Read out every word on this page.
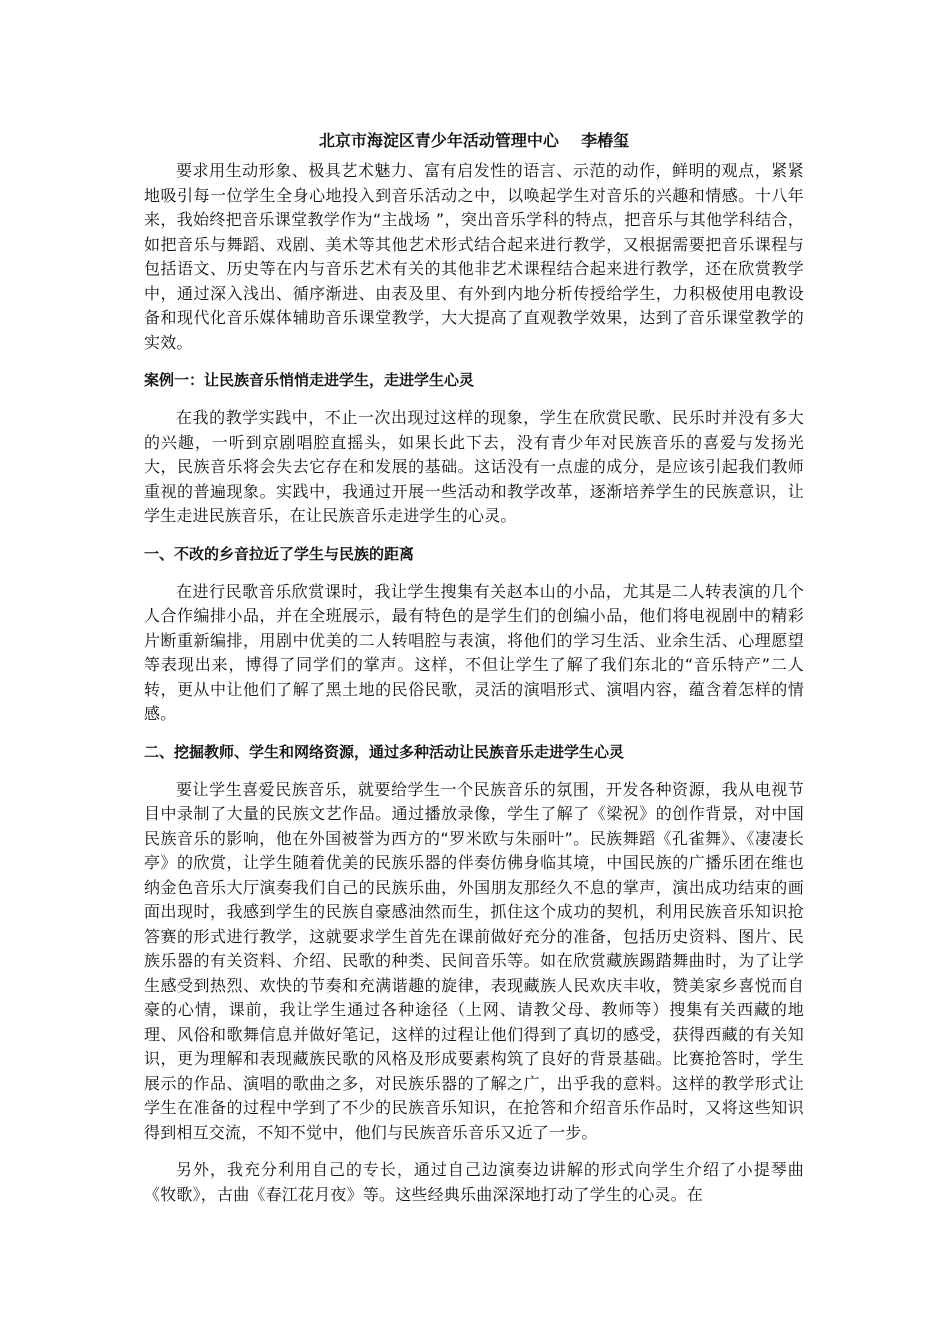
北京市海淀区青少年活动管理中心    李椿玺
要求用生动形象、极具艺术魅力、富有启发性的语言、示范的动作，鲜明的观点，紧紧地吸引每一位学生全身心地投入到音乐活动之中，以唤起学生对音乐的兴趣和情感。十八年来，我始终把音乐课堂教学作为“主战场 ”，突出音乐学科的特点，把音乐与其他学科结合，如把音乐与舞蹈、戏剧、美术等其他艺术形式结合起来进行教学，又根据需要把音乐课程与包括语文、历史等在内与音乐艺术有关的其他非艺术课程结合起来进行教学，还在欣赏教学中，通过深入浅出、循序渐进、由表及里、有外到内地分析传授给学生，力积极使用电教设备和现代化音乐媒体辅助音乐课堂教学，大大提高了直观教学效果，达到了音乐课堂教学的实效。
案例一：让民族音乐悄悄走进学生，走进学生心灵
在我的教学实践中，不止一次出现过这样的现象，学生在欣赏民歌、民乐时并没有多大的兴趣，一听到京剧唱腔直摇头，如果长此下去，没有青少年对民族音乐的喜爱与发扬光大，民族音乐将会失去它存在和发展的基础。这话没有一点虚的成分，是应该引起我们教师重视的普遍现象。实践中，我通过开展一些活动和教学改革，逐渐培养学生的民族意识，让学生走进民族音乐，在让民族音乐走进学生的心灵。
一、不改的乡音拉近了学生与民族的距离
在进行民歌音乐欣赏课时，我让学生搜集有关赵本山的小品，尤其是二人转表演的几个人合作编排小品，并在全班展示，最有特色的是学生们的创编小品，他们将电视剧中的精彩片断重新编排，用剧中优美的二人转唱腔与表演，将他们的学习生活、业余生活、心理愿望等表现出来，博得了同学们的掌声。这样，不但让学生了解了我们东北的“音乐特产”二人转，更从中让他们了解了黑土地的民俗民歌，灵活的演唱形式、演唱内容，蕴含着怎样的情感。
二、挖掘教师、学生和网络资源，通过多种活动让民族音乐走进学生心灵
要让学生喜爱民族音乐，就要给学生一个民族音乐的氛围，开发各种资源，我从电视节目中录制了大量的民族文艺作品。通过播放录像，学生了解了《梁祝》的创作背景，对中国民族音乐的影响，他在外国被誉为西方的“罗米欧与朱丽叶”。民族舞蹈《孔雀舞》、《凄凄长亭》的欣赏，让学生随着优美的民族乐器的伴奏仿佛身临其境，中国民族的广播乐团在维也纳金色音乐大厅演奏我们自己的民族乐曲，外国朋友那经久不息的掌声，演出成功结束的画面出现时，我感到学生的民族自豪感油然而生，抓住这个成功的契机，利用民族音乐知识抢答赛的形式进行教学，这就要求学生首先在课前做好充分的准备，包括历史资料、图片、民族乐器的有关资料、介绍、民歌的种类、民间音乐等。如在欣赏藏族踢踏舞曲时，为了让学生感受到热烈、欢快的节奏和充满谐趣的旋律，表现藏族人民欢庆丰收，赞美家乡喜悦而自豪的心情，课前，我让学生通过各种途径（上网、请教父母、教师等）搜集有关西藏的地理、风俗和歌舞信息并做好笔记，这样的过程让他们得到了真切的感受，获得西藏的有关知识，更为理解和表现藏族民歌的风格及形成要素构筑了良好的背景基础。比赛抢答时，学生展示的作品、演唱的歌曲之多，对民族乐器的了解之广，出乎我的意料。这样的教学形式让学生在准备的过程中学到了不少的民族音乐知识，在抢答和介绍音乐作品时，又将这些知识得到相互交流，不知不觉中，他们与民族音乐音乐又近了一步。
另外，我充分利用自己的专长，通过自己边演奏边讲解的形式向学生介绍了小提琴曲《牧歌》，古曲《春江花月夜》等。这些经典乐曲深深地打动了学生的心灵。在
